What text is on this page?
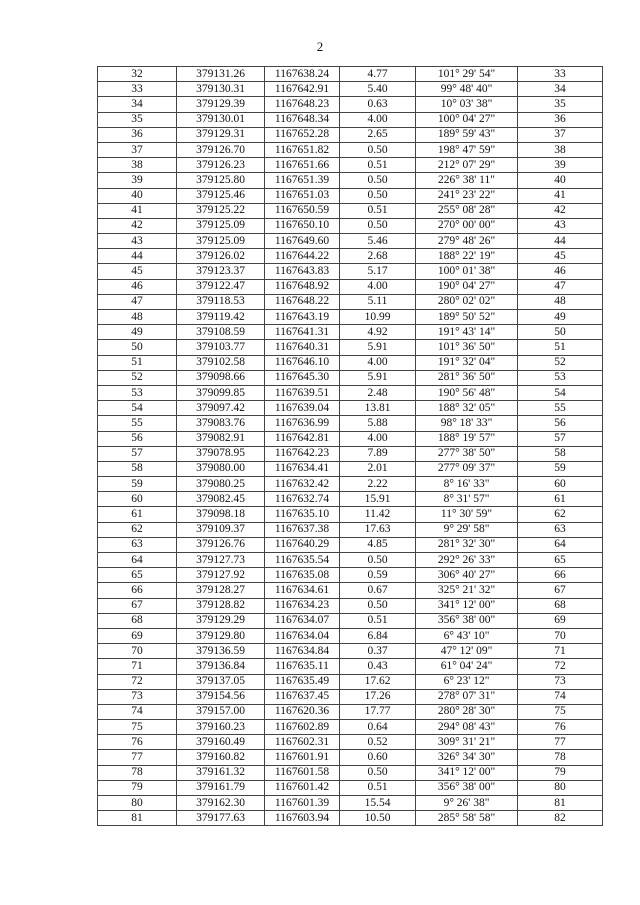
2
32	379131.26	1167638.24	4.77	101° 29' 54"	33
33	379130.31	1167642.91	5.40	99° 48' 40"	34
34	379129.39	1167648.23	0.63	10° 03' 38"	35
35	379130.01	1167648.34	4.00	100° 04' 27"	36
36	379129.31	1167652.28	2.65	189° 59' 43"	37
37	379126.70	1167651.82	0.50	198° 47' 59"	38
38	379126.23	1167651.66	0.51	212° 07' 29"	39
39	379125.80	1167651.39	0.50	226° 38' 11"	40
40	379125.46	1167651.03	0.50	241° 23' 22"	41
41	379125.22	1167650.59	0.51	255° 08' 28"	42
42	379125.09	1167650.10	0.50	270° 00' 00"	43
43	379125.09	1167649.60	5.46	279° 48' 26"	44
44	379126.02	1167644.22	2.68	188° 22' 19"	45
45	379123.37	1167643.83	5.17	100° 01' 38"	46
46	379122.47	1167648.92	4.00	190° 04' 27"	47
47	379118.53	1167648.22	5.11	280° 02' 02"	48
48	379119.42	1167643.19	10.99	189° 50' 52"	49
49	379108.59	1167641.31	4.92	191° 43' 14"	50
50	379103.77	1167640.31	5.91	101° 36' 50"	51
51	379102.58	1167646.10	4.00	191° 32' 04"	52
52	379098.66	1167645.30	5.91	281° 36' 50"	53
53	379099.85	1167639.51	2.48	190° 56' 48"	54
54	379097.42	1167639.04	13.81	188° 32' 05"	55
55	379083.76	1167636.99	5.88	98° 18' 33"	56
56	379082.91	1167642.81	4.00	188° 19' 57"	57
57	379078.95	1167642.23	7.89	277° 38' 50"	58
58	379080.00	1167634.41	2.01	277° 09' 37"	59
59	379080.25	1167632.42	2.22	8° 16' 33"	60
60	379082.45	1167632.74	15.91	8° 31' 57"	61
61	379098.18	1167635.10	11.42	11° 30' 59"	62
62	379109.37	1167637.38	17.63	9° 29' 58"	63
63	379126.76	1167640.29	4.85	281° 32' 30"	64
64	379127.73	1167635.54	0.50	292° 26' 33"	65
65	379127.92	1167635.08	0.59	306° 40' 27"	66
66	379128.27	1167634.61	0.67	325° 21' 32"	67
67	379128.82	1167634.23	0.50	341° 12' 00"	68
68	379129.29	1167634.07	0.51	356° 38' 00"	69
69	379129.80	1167634.04	6.84	6° 43' 10"	70
70	379136.59	1167634.84	0.37	47° 12' 09"	71
71	379136.84	1167635.11	0.43	61° 04' 24"	72
72	379137.05	1167635.49	17.62	6° 23' 12"	73
73	379154.56	1167637.45	17.26	278° 07' 31"	74
74	379157.00	1167620.36	17.77	280° 28' 30"	75
75	379160.23	1167602.89	0.64	294° 08' 43"	76
76	379160.49	1167602.31	0.52	309° 31' 21"	77
77	379160.82	1167601.91	0.60	326° 34' 30"	78
78	379161.32	1167601.58	0.50	341° 12' 00"	79
79	379161.79	1167601.42	0.51	356° 38' 00"	80
80	379162.30	1167601.39	15.54	9° 26' 38"	81
81	379177.63	1167603.94	10.50	285° 58' 58"	82
